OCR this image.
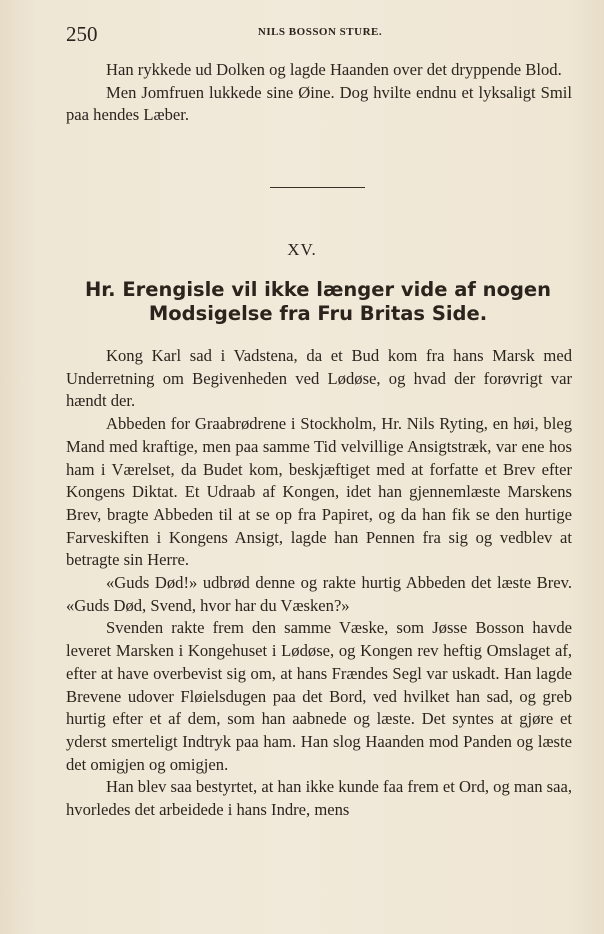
250	NILS BOSSON STURE.

Han rykkede ud Dolken og lagde Haanden over det dryppende Blod.

Men Jomfruen lukkede sine Øine. Dog hvilte endnu et lyksaligt Smil paa hendes Læber.

XV.
Hr. Erengisle vil ikke længer vide af nogen Modsigelse fra Fru Britas Side.

Kong Karl sad i Vadstena, da et Bud kom fra hans Marsk med Underretning om Begivenheden ved Lødøse, og hvad der forøvrigt var hændt der.

Abbeden for Graabrødrene i Stockholm, Hr. Nils Ryting, en høi, bleg Mand med kraftige, men paa samme Tid velvillige Ansigtstræk, var ene hos ham i Værelset, da Budet kom, beskjæftiget med at forfatte et Brev efter Kongens Diktat. Et Udraab af Kongen, idet han gjennemlæste Marskens Brev, bragte Abbeden til at se op fra Papiret, og da han fik se den hurtige Farveskiften i Kongens Ansigt, lagde han Pennen fra sig og vedblev at betragte sin Herre.

«Guds Død!» udbrød denne og rakte hurtig Abbeden det læste Brev. «Guds Død, Svend, hvor har du Væsken?»

Svenden rakte frem den samme Væske, som Jøsse Bosson havde leveret Marsken i Kongehuset i Lødøse, og Kongen rev heftig Omslaget af, efter at have overbevist sig om, at hans Frændes Segl var uskadt. Han lagde Brevene udover Fløielsdugen paa det Bord, ved hvilket han sad, og greb hurtig efter et af dem, som han aabnede og læste. Det syntes at gjøre et yderst smerteligt Indtryk paa ham. Han slog Haanden mod Panden og læste det omigjen og omigjen.

Han blev saa bestyrtet, at han ikke kunde faa frem et Ord, og man saa, hvorledes det arbeidede i hans Indre, mens
